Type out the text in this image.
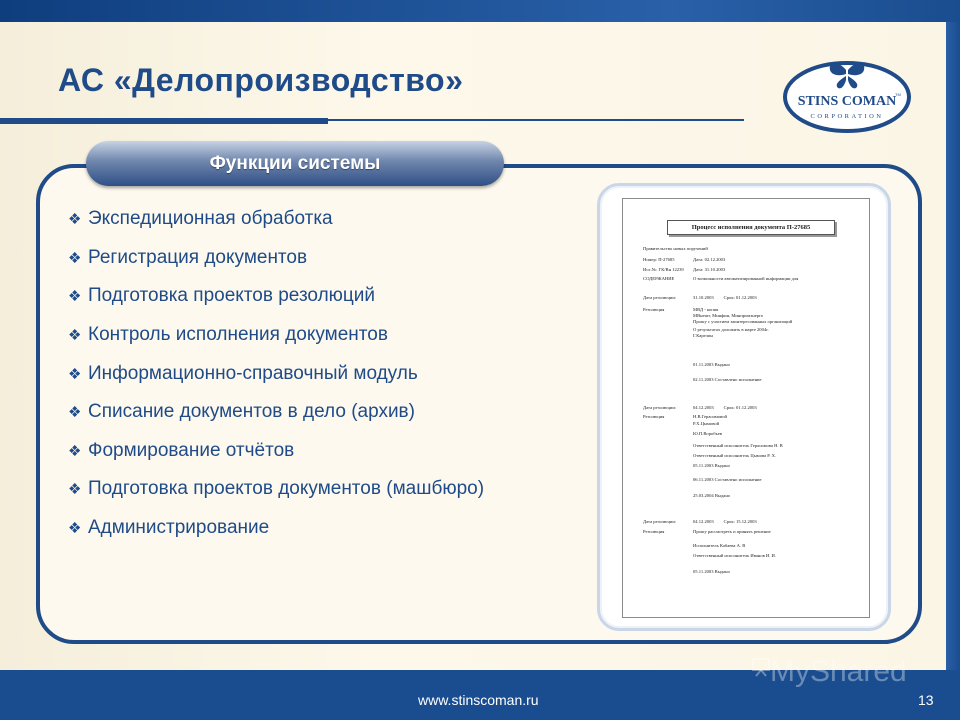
АС «Делопроизводство»
STINS COMAN
CORPORATION
TM
Функции системы
❖ Экспедиционная обработка
❖ Регистрация документов
❖ Подготовка проектов резолюций
❖ Контроль исполнения документов
❖ Информационно-справочный модуль
❖ Списание документов в дело (архив)
❖ Формирование отчётов
❖ Подготовка проектов документов (машбюро)
❖ Администрирование
Процесс исполнения документа П-27685
Правительство новых поручений
Номер: П-27685	Дата: 02.12.2003
Исх.№: ГК/Вн 12239 Дата: 31.10.2003
СОДЕРЖАНИЕ	О возможности автоматизированной информации для
Дата резолюции:	31.10.2003 Срок: 01.12.2003
Резолюция	МВД - копия
МВнешт, Минфин, Минпромэнерго
Прошу с участием заинтересованных организаций
О результатах доложить в марте 2004г.
Г.Карелин
01.11.2003 Выдано
02.11.2003 Составлено исполнение
Дата резолюции:	04.12.2003 Срок: 01.12.2003
Резолюция	Н.В.Герасимовой
Р.Х.Цымовой
Ю.П.Воробьев
Ответственный исполнитель Герасимова Н. В
Ответственный исполнитель Цымова Р. Х.
05.11.2003 Выдано
06.11.2003 Составлено исполнение
25.03.2004 Выдано
Дата резолюции:	04.12.2003 Срок: 15.12.2003
Резолюция	Прошу рассмотреть и принять решение
Исполнитель Кабаева А. В
Ответственный исполнитель Иванов И. И.
05.11.2003 Выдано
MyShared
www.stinscoman.ru	13
